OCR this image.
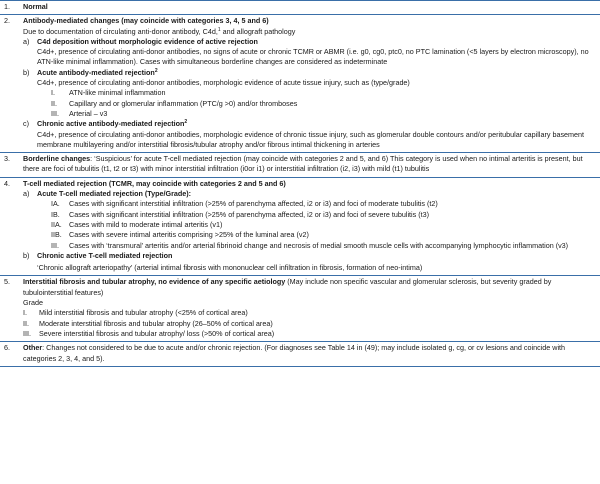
1. Normal
2. Antibody-mediated changes (may coincide with categories 3, 4, 5 and 6)
Due to documentation of circulating anti-donor antibody, C4d,$^1$ and allograft pathology
a) C4d deposition without morphologic evidence of active rejection
C4d+, presence of circulating anti-donor antibodies, no signs of acute or chronic TCMR or ABMR (i.e. g0, cg0, ptc0, no PTC lamination (<5 layers by electron microscopy), no ATN-like minimal inflammation). Cases with simultaneous borderline changes are considered as indeterminate
b) Acute antibody-mediated rejection$^2$
C4d+, presence of circulating anti-donor antibodies, morphologic evidence of acute tissue injury, such as (type/grade)
I. ATN-like minimal inflammation
II. Capillary and or glomerular inflammation (PTC/g >0) and/or thromboses
III. Arterial – v3
c) Chronic active antibody-mediated rejection$^2$
C4d+, presence of circulating anti-donor antibodies, morphologic evidence of chronic tissue injury, such as glomerular double contours and/or peritubular capillary basement membrane multilayering and/or interstitial fibrosis/tubular atrophy and/or fibrous intimal thickening in arteries
3. Borderline changes: ‘Suspicious’ for acute T-cell mediated rejection (may coincide with categories 2 and 5, and 6) This category is used when no intimal arteritis is present, but there are foci of tubulitis (t1, t2 or t3) with minor interstitial infiltration (i0or i1) or interstitial infiltration (i2, i3) with mild (t1) tubulitis
4. T-cell mediated rejection (TCMR, may coincide with categories 2 and 5 and 6)
a) Acute T-cell mediated rejection (Type/Grade):
IA. Cases with significant interstitial infiltration (>25% of parenchyma affected, i2 or i3) and foci of moderate tubulitis (t2)
IB. Cases with significant interstitial infiltration (>25% of parenchyma affected, i2 or i3) and foci of severe tubulitis (t3)
IIA. Cases with mild to moderate intimal arteritis (v1)
IIB. Cases with severe intimal arteritis comprising >25% of the luminal area (v2)
III. Cases with ‘transmural’ arteritis and/or arterial fibrinoid change and necrosis of medial smooth muscle cells with accompanying lymphocytic inflammation (v3)
b) Chronic active T-cell mediated rejection
‘Chronic allograft arteriopathy’ (arterial intimal fibrosis with mononuclear cell infiltration in fibrosis, formation of neo-intima)
5. Interstitial fibrosis and tubular atrophy, no evidence of any specific aetiology (May include non specific vascular and glomerular sclerosis, but severity graded by tubulointerstitial features)
Grade
I. Mild interstitial fibrosis and tubular atrophy (<25% of cortical area)
II. Moderate interstitial fibrosis and tubular atrophy (26–50% of cortical area)
III. Severe interstitial fibrosis and tubular atrophy/ loss (>50% of cortical area)
6. Other: Changes not considered to be due to acute and/or chronic rejection. (For diagnoses see Table 14 in (49); may include isolated g, cg, or cv lesions and coincide with categories 2, 3, 4, and 5).
